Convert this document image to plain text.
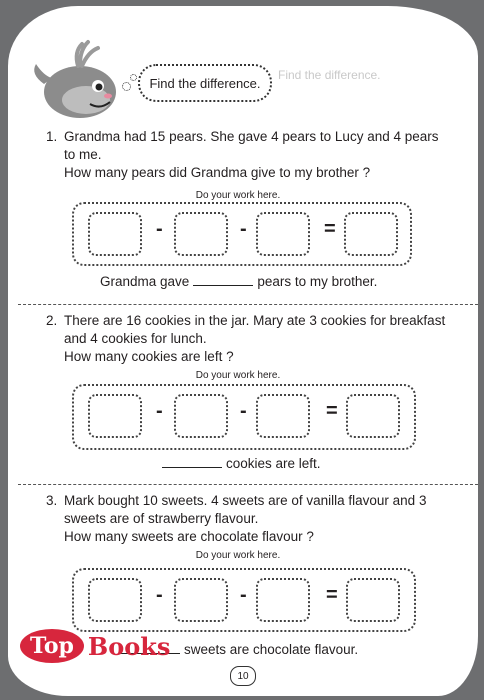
Find the difference.
Find the difference.
1. Grandma had 15 pears. She gave 4 pears to Lucy and 4 pears
to me.
How many pears did Grandma give to my brother ?
Do your work here.
-	-	=
Grandma gave	pears to my brother.
2. There are 16 cookies in the jar. Mary ate 3 cookies for breakfast
and 4 cookies for lunch.
How many cookies are left ?
Do your work here.
-	-	=
cookies are left.
3. Mark bought 10 sweets. 4 sweets are of vanilla flavour and 3
sweets are of strawberry flavour.
How many sweets are chocolate flavour ?
Do your work here.
-	-	=
sweets are chocolate flavour.
10
Top Books
